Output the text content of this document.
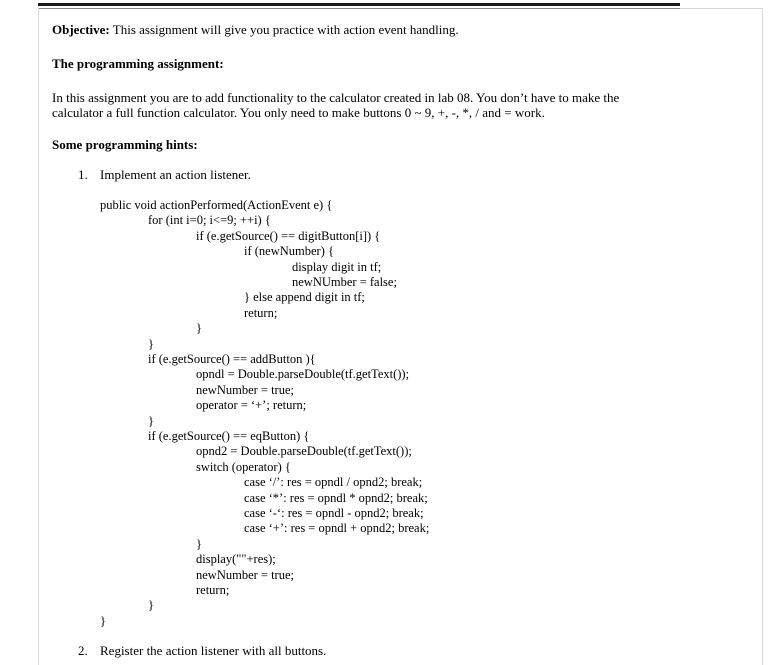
Objective: This assignment will give you practice with action event handling.
The programming assignment:
In this assignment you are to add functionality to the calculator created in lab 08. You don’t have to make the
calculator a full function calculator. You only need to make buttons 0 ~ 9, +, -, *, / and = work.
Some programming hints:
1. Implement an action listener.
public void actionPerformed(ActionEvent e) {
for (int i=0; i<=9; ++i) {
if (e.getSource() == digitButton[i]) {
if (newNumber) {
display digit in tf;
newNUmber = false;
} else append digit in tf;
return;
}
}
if (e.getSource() == addButton ){
opndl = Double.parseDouble(tf.getText());
newNumber = true;
operator = ‘+’; return;
}
if (e.getSource() == eqButton) {
opnd2 = Double.parseDouble(tf.getText());
switch (operator) {
case ‘/’: res = opndl / opnd2; break;
case ‘*’: res = opndl * opnd2; break;
case ‘-‘: res = opndl - opnd2; break;
case ‘+’: res = opndl + opnd2; break;
}
display(""+res);
newNumber = true;
return;
}
}
2. Register the action listener with all buttons.
